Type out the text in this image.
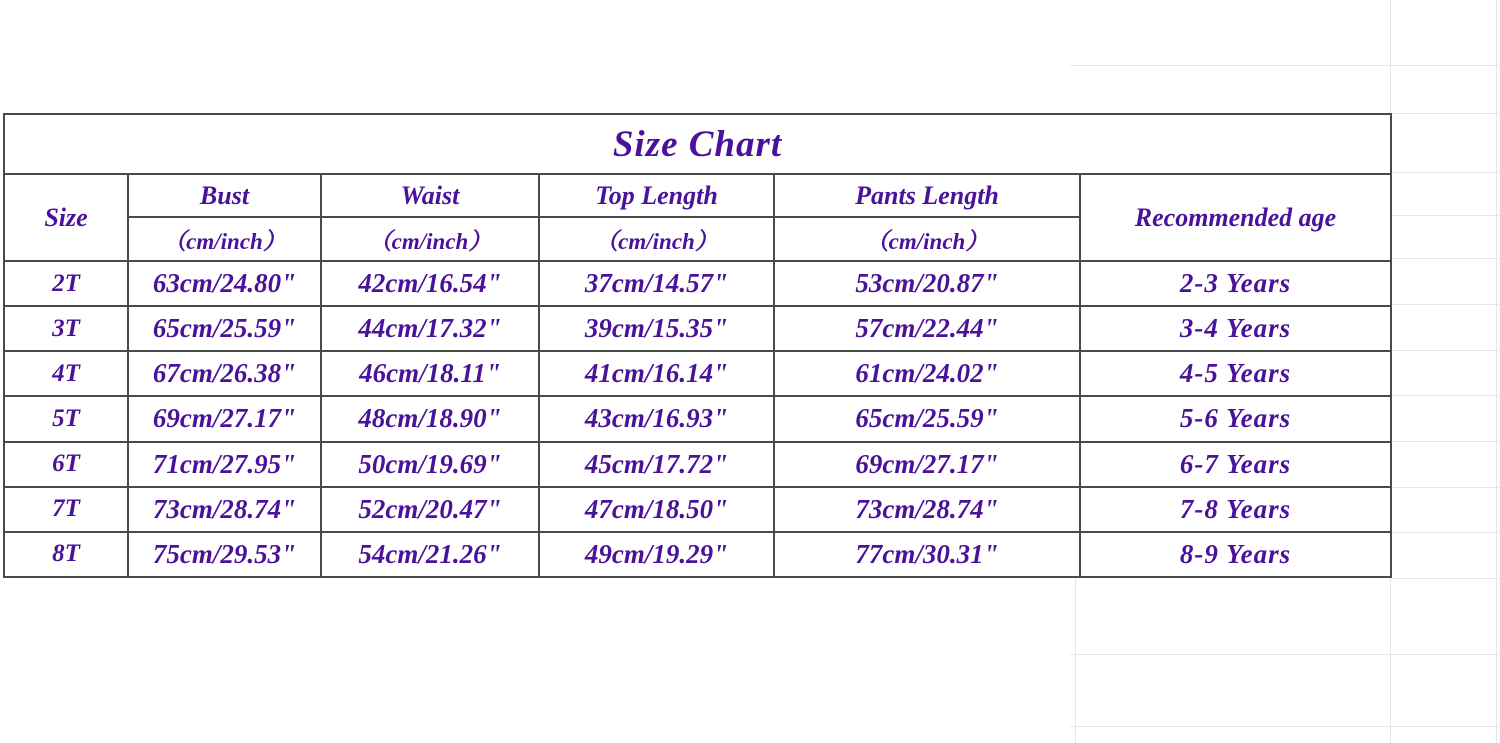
Size Chart					
Size	Bust	Waist	Top Length	Pants Length	Recommended age
	（cm/inch）	（cm/inch）	（cm/inch）	（cm/inch）	
2T	63cm/24.80"	42cm/16.54"	37cm/14.57"	53cm/20.87"	2-3 Years
3T	65cm/25.59"	44cm/17.32"	39cm/15.35"	57cm/22.44"	3-4 Years
4T	67cm/26.38"	46cm/18.11"	41cm/16.14"	61cm/24.02"	4-5 Years
5T	69cm/27.17"	48cm/18.90"	43cm/16.93"	65cm/25.59"	5-6 Years
6T	71cm/27.95"	50cm/19.69"	45cm/17.72"	69cm/27.17"	6-7 Years
7T	73cm/28.74"	52cm/20.47"	47cm/18.50"	73cm/28.74"	7-8 Years
8T	75cm/29.53"	54cm/21.26"	49cm/19.29"	77cm/30.31"	8-9 Years
